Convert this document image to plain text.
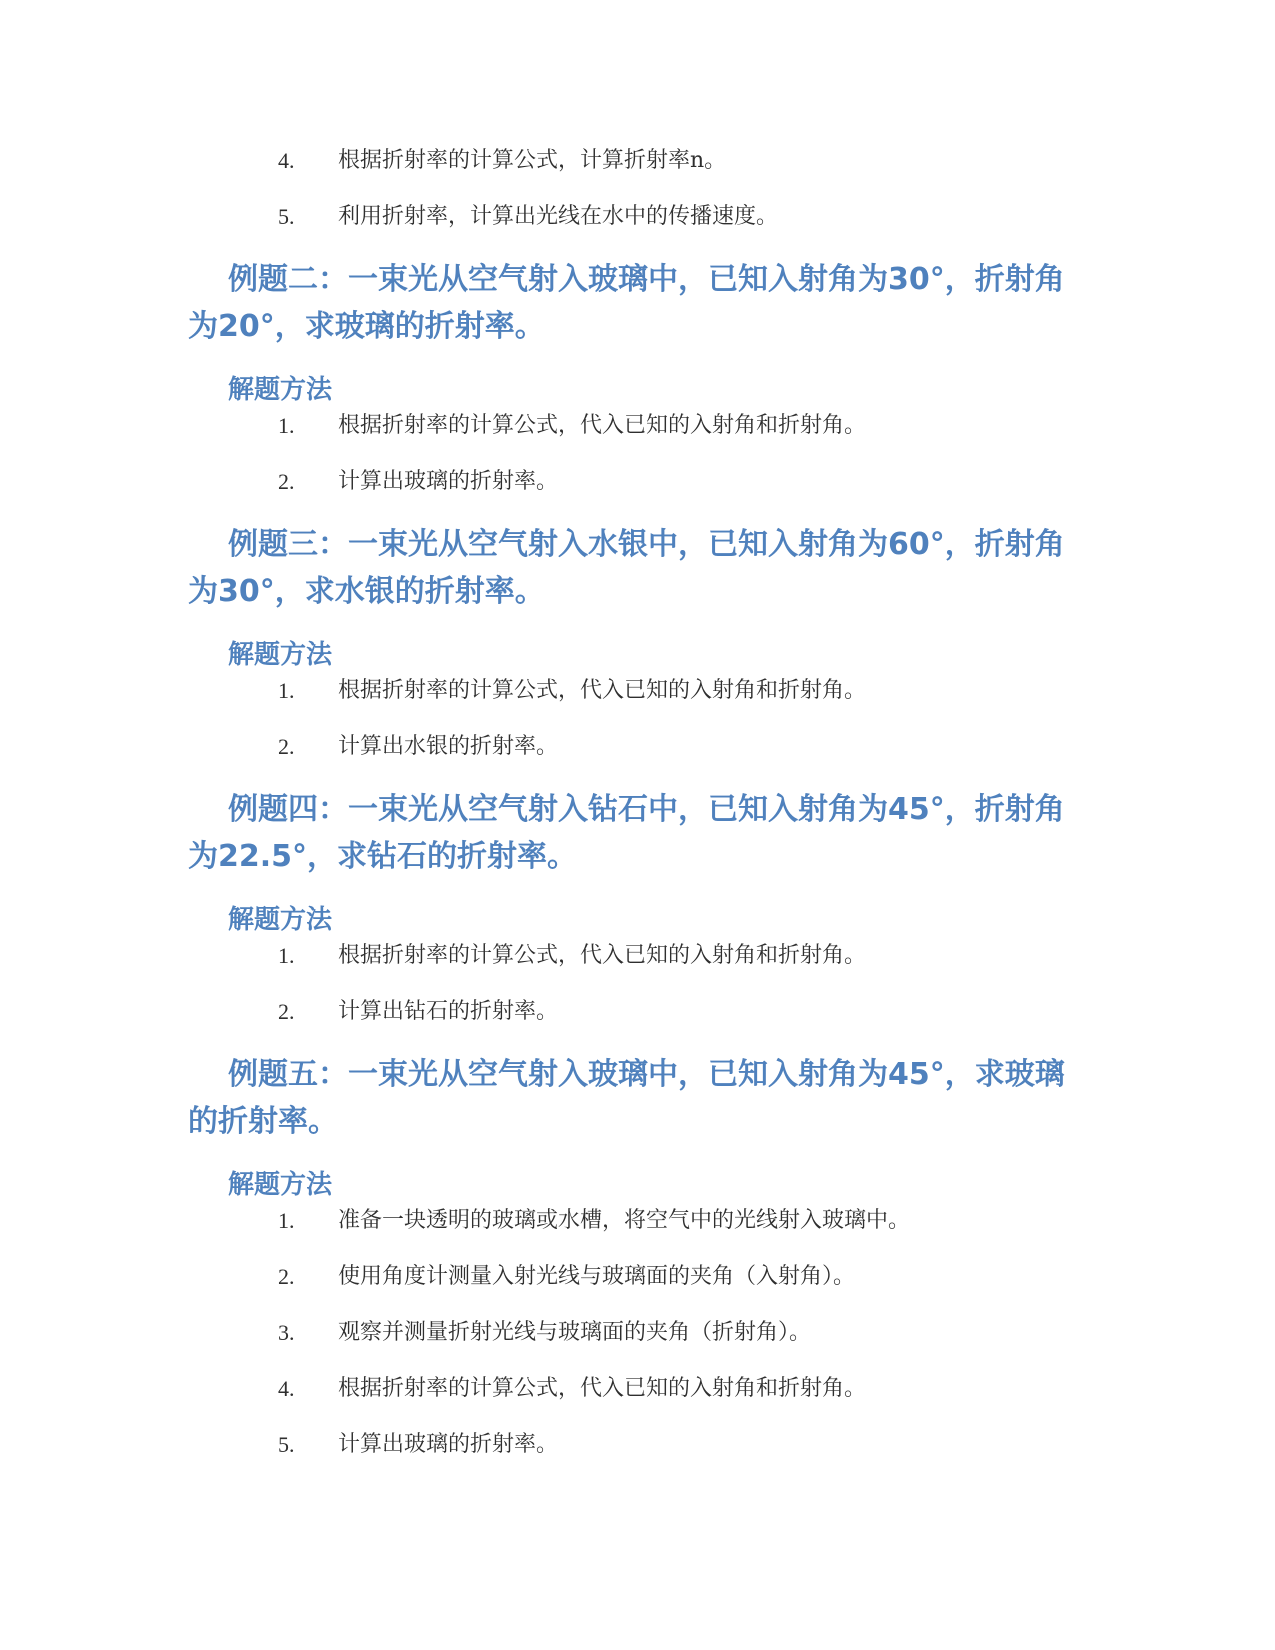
4.	根据折射率的计算公式，计算折射率n。
5.	利用折射率，计算出光线在水中的传播速度。
例题二：一束光从空气射入玻璃中，已知入射角为30°，折射角为20°，求玻璃的折射率。
解题方法
1.	根据折射率的计算公式，代入已知的入射角和折射角。
2.	计算出玻璃的折射率。
例题三：一束光从空气射入水银中，已知入射角为60°，折射角为30°，求水银的折射率。
解题方法
1.	根据折射率的计算公式，代入已知的入射角和折射角。
2.	计算出水银的折射率。
例题四：一束光从空气射入钻石中，已知入射角为45°，折射角为22.5°，求钻石的折射率。
解题方法
1.	根据折射率的计算公式，代入已知的入射角和折射角。
2.	计算出钻石的折射率。
例题五：一束光从空气射入玻璃中，已知入射角为45°，求玻璃的折射率。
解题方法
1.	准备一块透明的玻璃或水槽，将空气中的光线射入玻璃中。
2.	使用角度计测量入射光线与玻璃面的夹角（入射角）。
3.	观察并测量折射光线与玻璃面的夹角（折射角）。
4.	根据折射率的计算公式，代入已知的入射角和折射角。
5.	计算出玻璃的折射率。
